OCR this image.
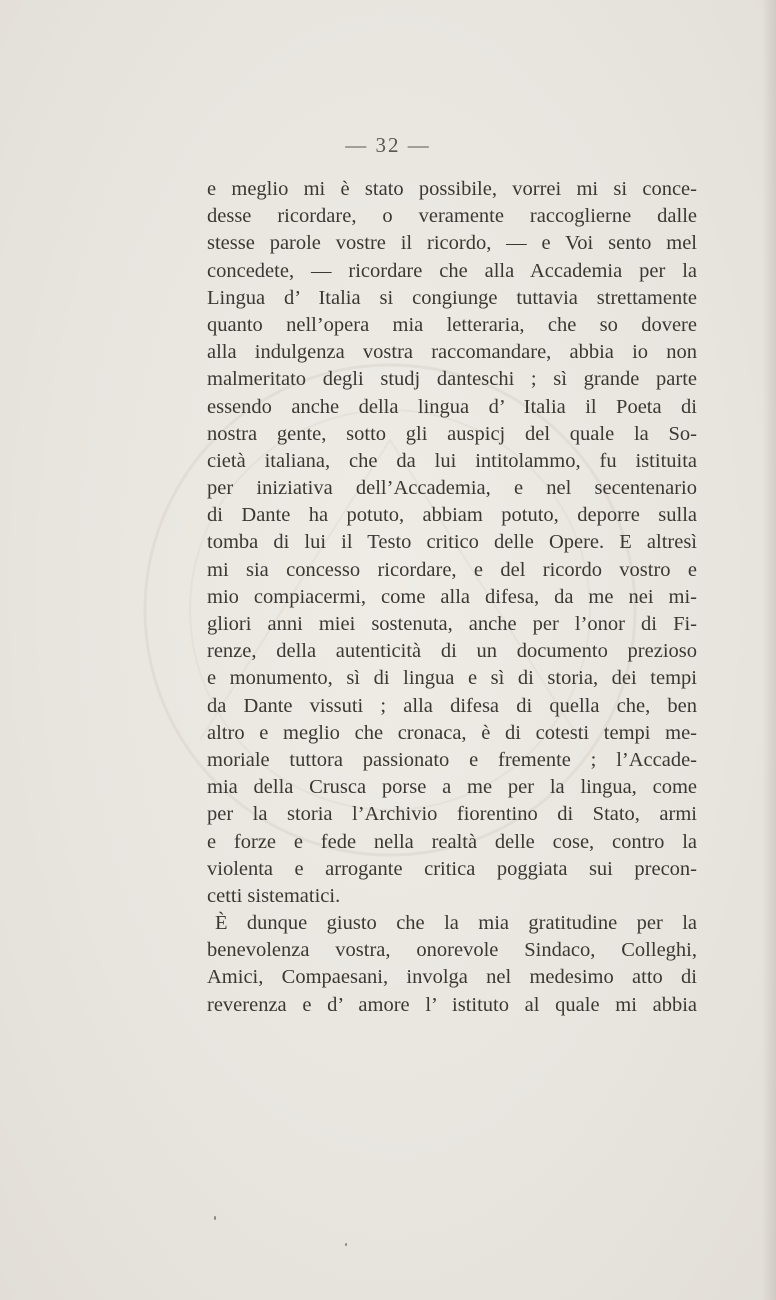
— 32 —
e meglio mi è stato possibile, vorrei mi si conce-
desse ricordare, o veramente raccoglierne dalle
stesse parole vostre il ricordo, — e Voi sento mel
concedete, — ricordare che alla Accademia per la
Lingua d’ Italia si congiunge tuttavia strettamente
quanto nell’opera mia letteraria, che so dovere
alla indulgenza vostra raccomandare, abbia io non
malmeritato degli studj danteschi ; sì grande parte
essendo anche della lingua d’ Italia il Poeta di
nostra gente, sotto gli auspicj del quale la So-
cietà italiana, che da lui intitolammo, fu istituita
per iniziativa dell’Accademia, e nel secentenario
di Dante ha potuto, abbiam potuto, deporre sulla
tomba di lui il Testo critico delle Opere. E altresì
mi sia concesso ricordare, e del ricordo vostro e
mio compiacermi, come alla difesa, da me nei mi-
gliori anni miei sostenuta, anche per l’onor di Fi-
renze, della autenticità di un documento prezioso
e monumento, sì di lingua e sì di storia, dei tempi
da Dante vissuti ; alla difesa di quella che, ben
altro e meglio che cronaca, è di cotesti tempi me-
moriale tuttora passionato e fremente ; l’Accade-
mia della Crusca porse a me per la lingua, come
per la storia l’Archivio fiorentino di Stato, armi
e forze e fede nella realtà delle cose, contro la
violenta e arrogante critica poggiata sui precon-
cetti sistematici.
È dunque giusto che la mia gratitudine per la
benevolenza vostra, onorevole Sindaco, Colleghi,
Amici, Compaesani, involga nel medesimo atto di
reverenza e d’ amore l’ istituto al quale mi abbia
